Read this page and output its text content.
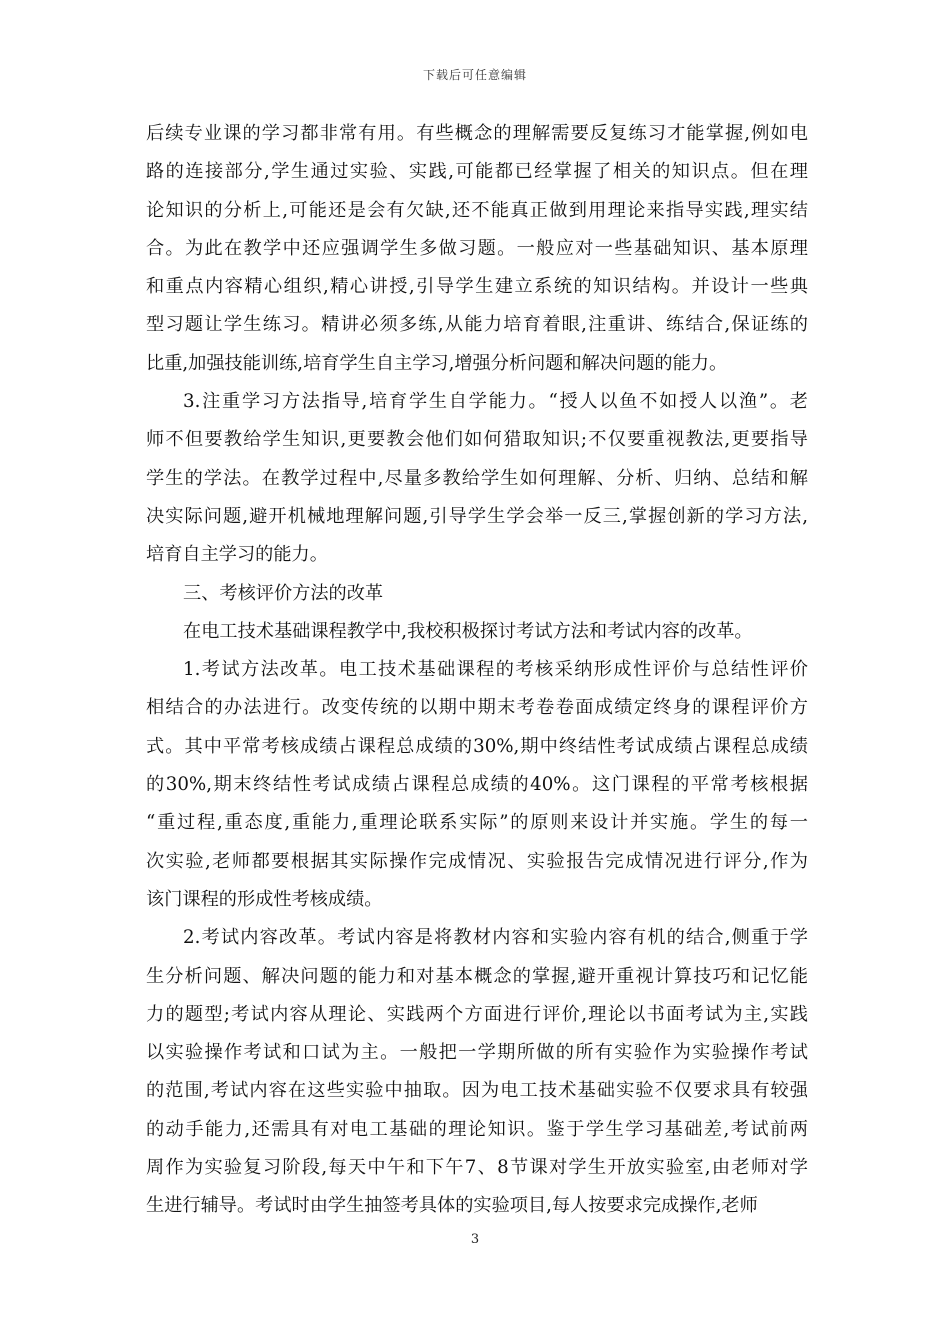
下载后可任意编辑
后续专业课的学习都非常有用。有些概念的理解需要反复练习才能掌握,例如电
路的连接部分,学生通过实验、实践,可能都已经掌握了相关的知识点。但在理
论知识的分析上,可能还是会有欠缺,还不能真正做到用理论来指导实践,理实结
合。为此在教学中还应强调学生多做习题。一般应对一些基础知识、基本原理
和重点内容精心组织,精心讲授,引导学生建立系统的知识结构。并设计一些典
型习题让学生练习。精讲必须多练,从能力培育着眼,注重讲、练结合,保证练的
比重,加强技能训练,培育学生自主学习,增强分析问题和解决问题的能力。
3.注重学习方法指导,培育学生自学能力。“授人以鱼不如授人以渔”。老
师不但要教给学生知识,更要教会他们如何猎取知识;不仅要重视教法,更要指导
学生的学法。在教学过程中,尽量多教给学生如何理解、分析、归纳、总结和解
决实际问题,避开机械地理解问题,引导学生学会举一反三,掌握创新的学习方法,
培育自主学习的能力。
三、考核评价方法的改革
在电工技术基础课程教学中,我校积极探讨考试方法和考试内容的改革。
1.考试方法改革。电工技术基础课程的考核采纳形成性评价与总结性评价
相结合的办法进行。改变传统的以期中期末考卷卷面成绩定终身的课程评价方
式。其中平常考核成绩占课程总成绩的30%,期中终结性考试成绩占课程总成绩
的30%,期末终结性考试成绩占课程总成绩的40%。这门课程的平常考核根据
“重过程,重态度,重能力,重理论联系实际”的原则来设计并实施。学生的每一
次实验,老师都要根据其实际操作完成情况、实验报告完成情况进行评分,作为
该门课程的形成性考核成绩。
2.考试内容改革。考试内容是将教材内容和实验内容有机的结合,侧重于学
生分析问题、解决问题的能力和对基本概念的掌握,避开重视计算技巧和记忆能
力的题型;考试内容从理论、实践两个方面进行评价,理论以书面考试为主,实践
以实验操作考试和口试为主。一般把一学期所做的所有实验作为实验操作考试
的范围,考试内容在这些实验中抽取。因为电工技术基础实验不仅要求具有较强
的动手能力,还需具有对电工基础的理论知识。鉴于学生学习基础差,考试前两
周作为实验复习阶段,每天中午和下午7、8节课对学生开放实验室,由老师对学
生进行辅导。考试时由学生抽签考具体的实验项目,每人按要求完成操作,老师
3
